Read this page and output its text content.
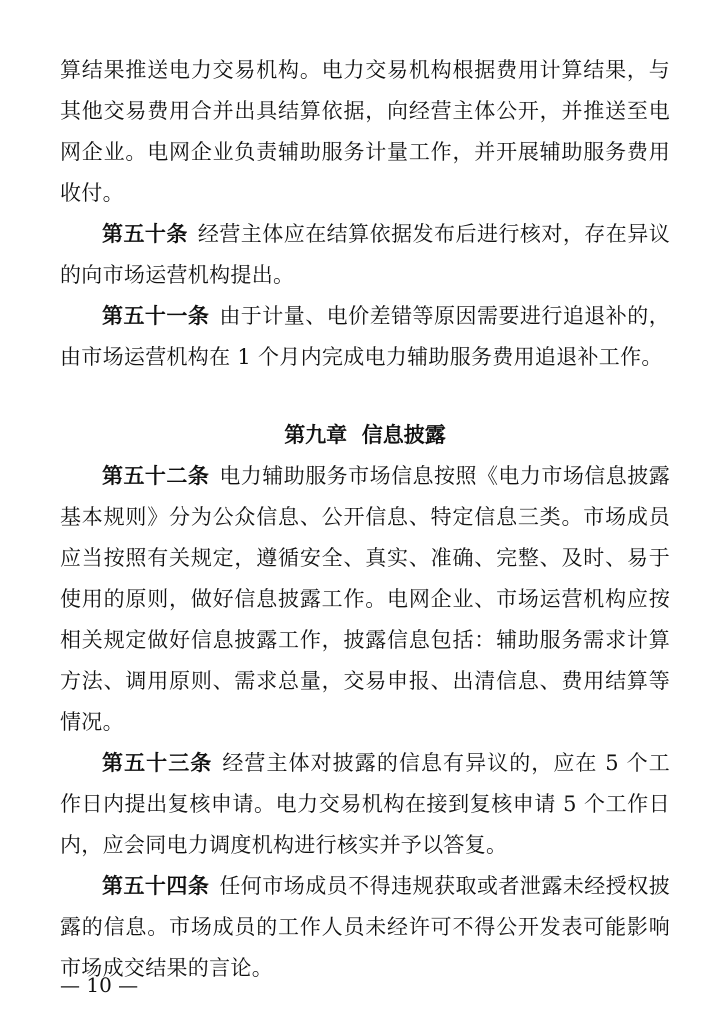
算结果推送电力交易机构。电力交易机构根据费用计算结果，与其他交易费用合并出具结算依据，向经营主体公开，并推送至电网企业。电网企业负责辅助服务计量工作，并开展辅助服务费用收付。

第五十条 经营主体应在结算依据发布后进行核对，存在异议的向市场运营机构提出。

第五十一条 由于计量、电价差错等原因需要进行追退补的，由市场运营机构在 1 个月内完成电力辅助服务费用追退补工作。

第九章  信息披露

第五十二条 电力辅助服务市场信息按照《电力市场信息披露基本规则》分为公众信息、公开信息、特定信息三类。市场成员应当按照有关规定，遵循安全、真实、准确、完整、及时、易于使用的原则，做好信息披露工作。电网企业、市场运营机构应按相关规定做好信息披露工作，披露信息包括：辅助服务需求计算方法、调用原则、需求总量，交易申报、出清信息、费用结算等情况。

第五十三条 经营主体对披露的信息有异议的，应在 5 个工作日内提出复核申请。电力交易机构在接到复核申请 5 个工作日内，应会同电力调度机构进行核实并予以答复。

第五十四条 任何市场成员不得违规获取或者泄露未经授权披露的信息。市场成员的工作人员未经许可不得公开发表可能影响市场成交结果的言论。

— 10 —
